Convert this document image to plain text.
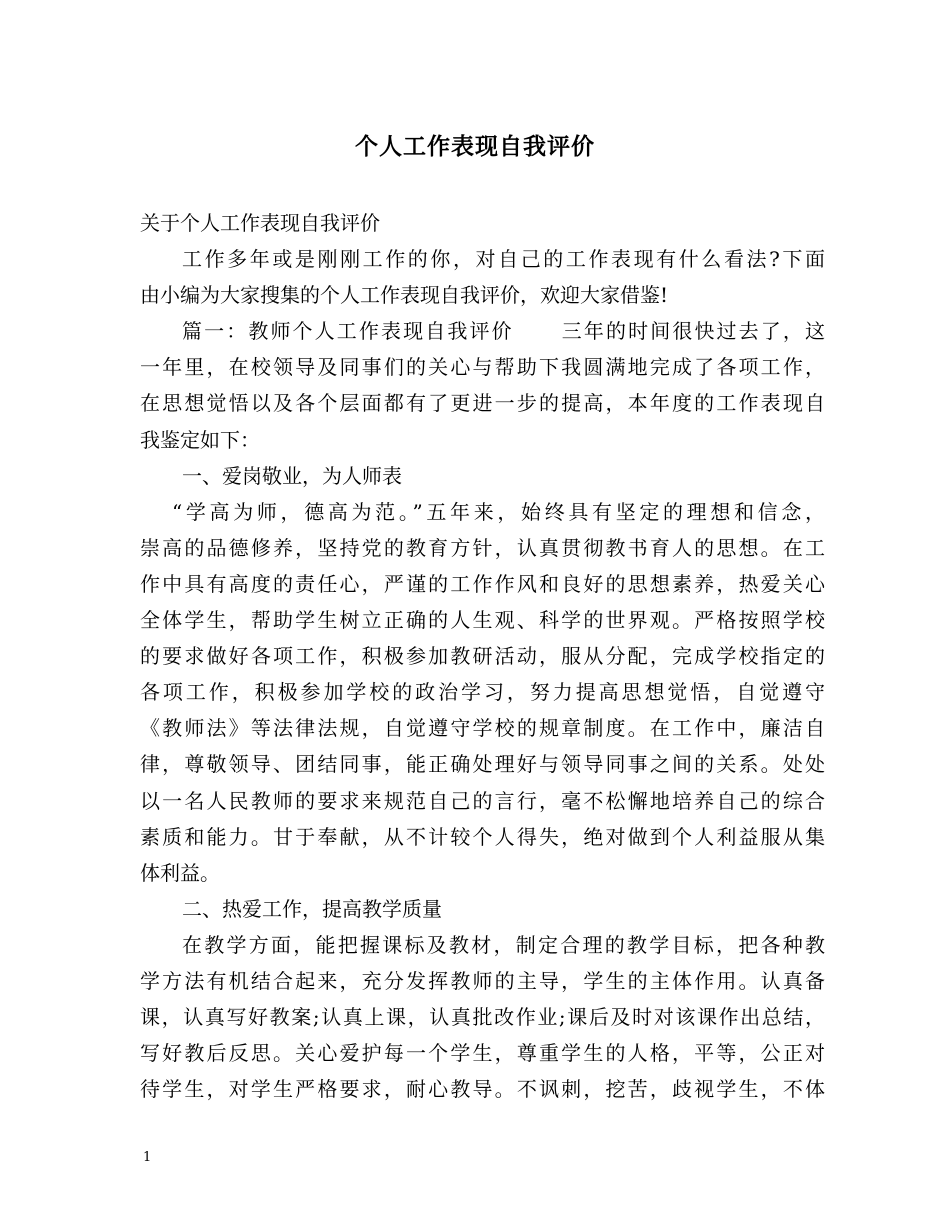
个人工作表现自我评价
关于个人工作表现自我评价
工作多年或是刚刚工作的你，对自己的工作表现有什么看法?下面
由小编为大家搜集的个人工作表现自我评价，欢迎大家借鉴!
篇一：教师个人工作表现自我评价 三年的时间很快过去了，这
一年里，在校领导及同事们的关心与帮助下我圆满地完成了各项工作，
在思想觉悟以及各个层面都有了更进一步的提高，本年度的工作表现自
我鉴定如下：
一、爱岗敬业，为人师表
“学高为师，德高为范。”五年来，始终具有坚定的理想和信念，
崇高的品德修养，坚持党的教育方针，认真贯彻教书育人的思想。在工
作中具有高度的责任心，严谨的工作作风和良好的思想素养，热爱关心
全体学生，帮助学生树立正确的人生观、科学的世界观。严格按照学校
的要求做好各项工作，积极参加教研活动，服从分配，完成学校指定的
各项工作，积极参加学校的政治学习，努力提高思想觉悟，自觉遵守
《教师法》等法律法规，自觉遵守学校的规章制度。在工作中，廉洁自
律，尊敬领导、团结同事，能正确处理好与领导同事之间的关系。处处
以一名人民教师的要求来规范自己的言行，毫不松懈地培养自己的综合
素质和能力。甘于奉献，从不计较个人得失，绝对做到个人利益服从集
体利益。
二、热爱工作，提高教学质量
在教学方面，能把握课标及教材，制定合理的教学目标，把各种教
学方法有机结合起来，充分发挥教师的主导，学生的主体作用。认真备
课，认真写好教案;认真上课，认真批改作业;课后及时对该课作出总结，
写好教后反思。关心爱护每一个学生，尊重学生的人格，平等，公正对
待学生，对学生严格要求，耐心教导。不讽刺，挖苦，歧视学生，不体
1
